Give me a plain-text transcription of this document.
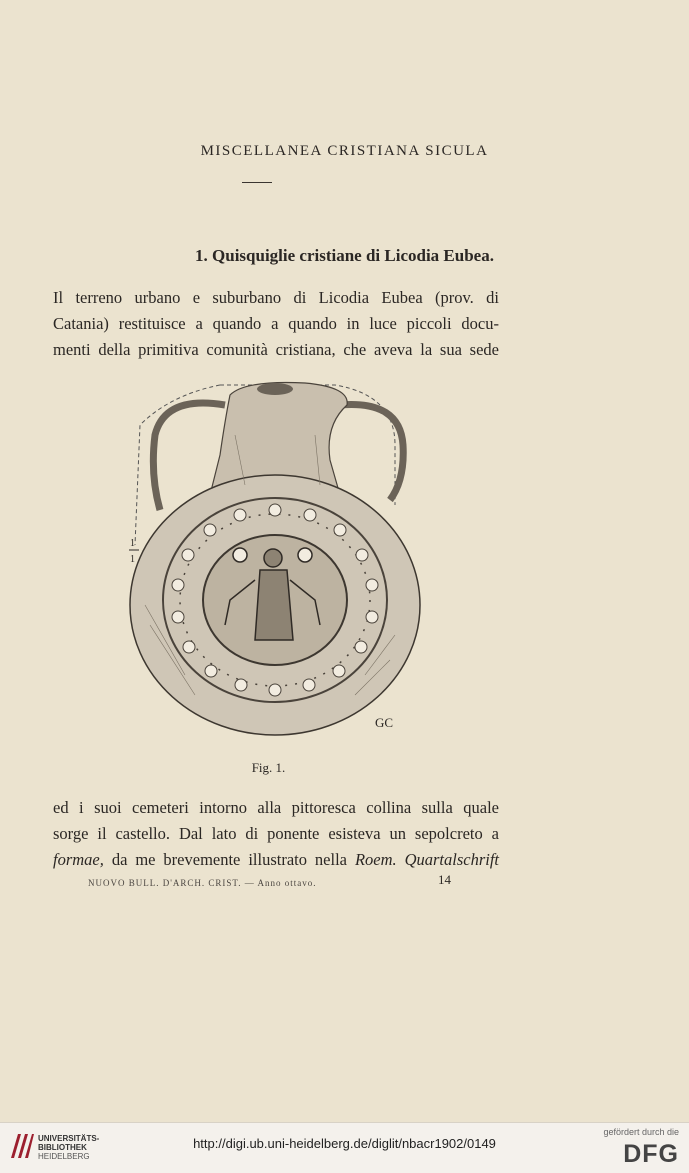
MISCELLANEA CRISTIANA SICULA
1. Quisquiglie cristiane di Licodia Eubea.
Il terreno urbano e suburbano di Licodia Eubea (prov. di
Catania) restituisce a quando a quando in luce piccoli docu-
menti della primitiva comunità cristiana, che aveva la sua sede
1
1
GC
Fig. 1.
ed i suoi cemeteri intorno alla pittoresca collina sulla quale
sorge il castello. Dal lato di ponente esisteva un sepolcreto a
formae, da me brevemente illustrato nella Roem. Quartalschrift
NUOVO BULL. D'ARCH. CRIST. — Anno ottavo.	14
UNIVERSITÄTS-
BIBLIOTHEK
HEIDELBERG
http://digi.ub.uni-heidelberg.de/diglit/nbacr1902/0149
gefördert durch die
DFG
